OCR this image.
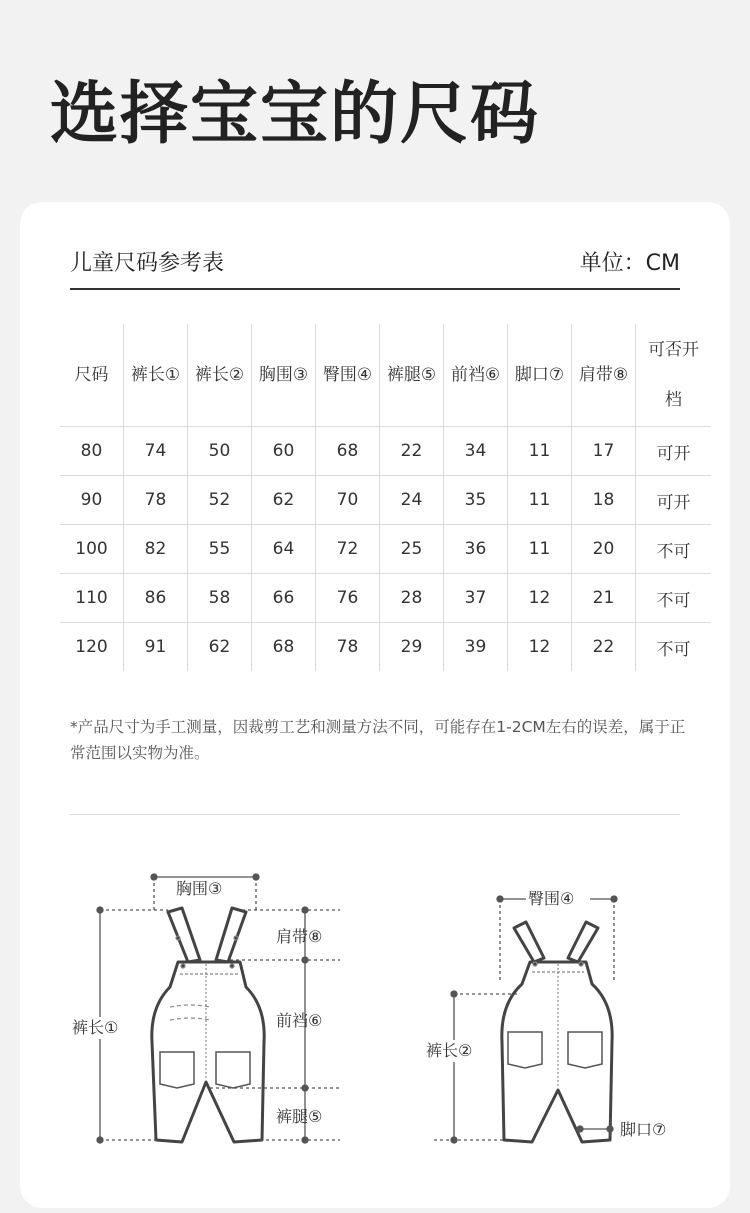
选择宝宝的尺码
儿童尺码参考表	单位：CM
尺码	裤长①	裤长②	胸围③	臀围④	裤腿⑤	前裆⑥	脚口⑦	肩带⑧	可否开档
80	74	50	60	68	22	34	11	17	可开
90	78	52	62	70	24	35	11	18	可开
100	82	55	64	72	25	36	11	20	不可
110	86	58	66	76	28	37	12	21	不可
120	91	62	68	78	29	39	12	22	不可
*产品尺寸为手工测量，因裁剪工艺和测量方法不同，可能存在1-2CM左右的误差，属于正常范围以实物为准。
胸围③
肩带⑧
前裆⑥
裤腿⑤
裤长①
臀围④
裤长②
脚口⑦
